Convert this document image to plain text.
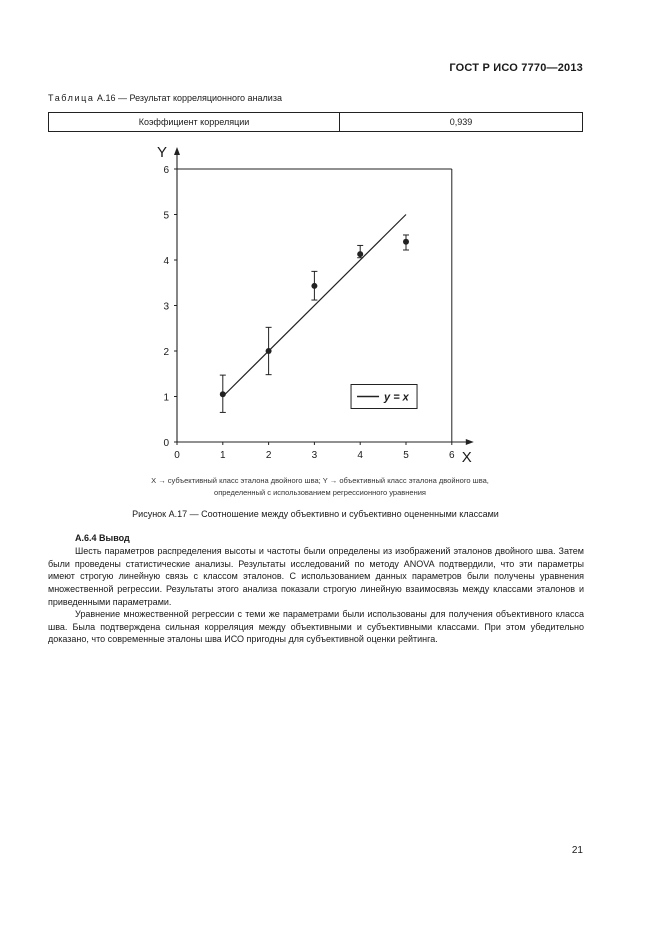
ГОСТ Р ИСО 7770—2013
Таблица А.16 — Результат корреляционного анализа
Коэффициент корреляции	0,939
0	1	2	3	4	5	6
0
1
2
3
4
5
6
X
Y
y = x
X → субъективный класс эталона двойного шва; Y → объективный класс эталона двойного шва,
определенный с использованием регрессионного уравнения
Рисунок А.17 — Соотношение между объективно и субъективно оцененными классами
А.6.4 Вывод
Шесть параметров распределения высоты и частоты были определены из изображений эталонов двойного шва. Затем были проведены статистические анализы. Результаты исследований по методу ANOVA подтвердили, что эти параметры имеют строгую линейную связь с классом эталонов. С использованием данных параметров были получены уравнения множественной регрессии. Результаты этого анализа показали строгую линейную взаимосвязь между классами эталонов и приведенными параметрами.
Уравнение множественной регрессии с теми же параметрами были использованы для получения объективного класса шва. Была подтверждена сильная корреляция между объективными и субъективными классами. При этом убедительно доказано, что современные эталоны шва ИСО пригодны для субъективной оценки рейтинга.
21
